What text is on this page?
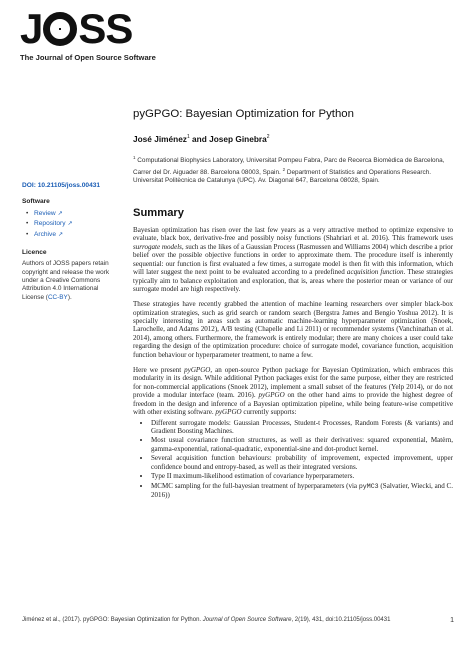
J SS
The Journal of Open Source Software
DOI: 10.21105/joss.00431
Software
• Review ↗
• Repository ↗
• Archive ↗
Licence
Authors of JOSS papers retain copyright and release the work under a Creative Commons Attribution 4.0 International License (CC-BY).
pyGPGO: Bayesian Optimization for Python
José Jiménez$^1$ and Josep Ginebra$^2$
$^1$ Computational Biophysics Laboratory, Universitat Pompeu Fabra, Parc de Recerca Biomèdica de Barcelona, Carrer del Dr. Aiguader 88. Barcelona 08003, Spain. $^2$ Department of Statistics and Operations Research. Universitat Politècnica de Catalunya (UPC). Av. Diagonal 647, Barcelona 08028, Spain.
Summary

Bayesian optimization has risen over the last few years as a very attractive method to optimize expensive to evaluate, black box, derivative-free and possibly noisy functions (Shahriari et al. 2016). This framework uses surrogate models, such as the likes of a Gaussian Process (Rasmussen and Williams 2004) which describe a prior belief over the possible objective functions in order to approximate them. The procedure itself is inherently sequential: our function is first evaluated a few times, a surrogate model is then fit with this information, which will later suggest the next point to be evaluated according to a predefined acquisition function. These strategies typically aim to balance exploitation and exploration, that is, areas where the posterior mean or variance of our surrogate model are high respectively.

These strategies have recently grabbed the attention of machine learning researchers over simpler black-box optimization strategies, such as grid search or random search (Bergstra James and Bengio Yoshua 2012). It is specially interesting in areas such as automatic machine-learning hyperparameter optimization (Snoek, Larochelle, and Adams 2012), A/B testing (Chapelle and Li 2011) or recommender systems (Vanchinathan et al. 2014), among others. Furthermore, the framework is entirely modular; there are many choices a user could take regarding the design of the optimization procedure: choice of surrogate model, covariance function, acquisition function behaviour or hyperparameter treatment, to name a few.

Here we present pyGPGO, an open-source Python package for Bayesian Optimization, which embraces this modularity in its design. While additional Python packages exist for the same purpose, either they are restricted for non-commercial applications (Snoek 2012), implement a small subset of the features (Yelp 2014), or do not provide a modular interface (team. 2016). pyGPGO on the other hand aims to provide the highest degree of freedom in the design and inference of a Bayesian optimization pipeline, while being feature-wise competitive with other existing software. pyGPGO currently supports:

• Different surrogate models: Gaussian Processes, Student-t Processes, Random Forests (& variants) and Gradient Boosting Machines.
• Most usual covariance function structures, as well as their derivatives: squared exponential, Matèrn, gamma-exponential, rational-quadratic, exponential-sine and dot-product kernel.
• Several acquisition function behaviours: probability of improvement, expected improvement, upper confidence bound and entropy-based, as well as their integrated versions.
• Type II maximum-likelihood estimation of covariance hyperparameters.
• MCMC sampling for the full-bayesian treatment of hyperparameters (via pyMC3 (Salvatier, Wiecki, and C. 2016))
Jiménez et al., (2017). pyGPGO: Bayesian Optimization for Python. Journal of Open Source Software, 2(19), 431, doi:10.21105/joss.00431	1
